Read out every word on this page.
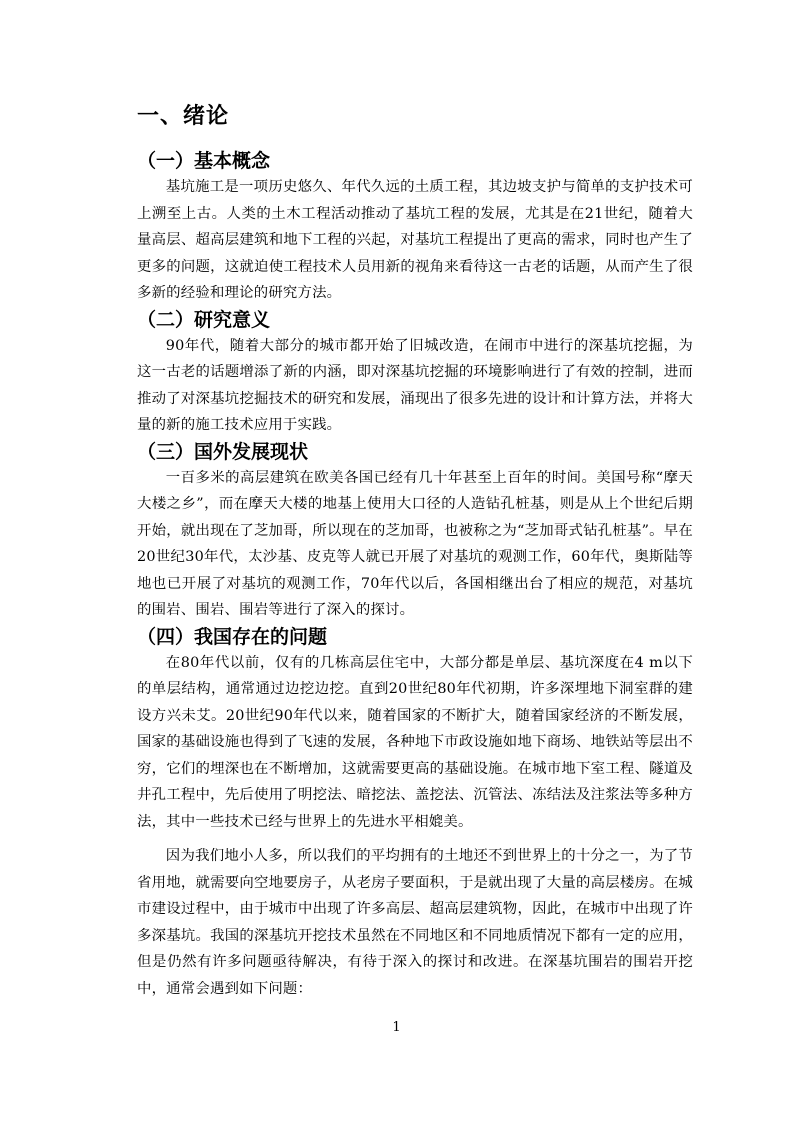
一、绪论
（一）基本概念

基坑施工是一项历史悠久、年代久远的土质工程，其边坡支护与简单的支护技术可上溯至上古。人类的土木工程活动推动了基坑工程的发展，尤其是在21世纪，随着大量高层、超高层建筑和地下工程的兴起，对基坑工程提出了更高的需求，同时也产生了更多的问题，这就迫使工程技术人员用新的视角来看待这一古老的话题，从而产生了很多新的经验和理论的研究方法。

（二）研究意义

90年代，随着大部分的城市都开始了旧城改造，在闹市中进行的深基坑挖掘，为这一古老的话题增添了新的内涵，即对深基坑挖掘的环境影响进行了有效的控制，进而推动了对深基坑挖掘技术的研究和发展，涌现出了很多先进的设计和计算方法，并将大量的新的施工技术应用于实践。

（三）国外发展现状

一百多米的高层建筑在欧美各国已经有几十年甚至上百年的时间。美国号称“摩天大楼之乡”，而在摩天大楼的地基上使用大口径的人造钻孔桩基，则是从上个世纪后期开始，就出现在了芝加哥，所以现在的芝加哥，也被称之为“芝加哥式钻孔桩基”。早在20世纪30年代，太沙基、皮克等人就已开展了对基坑的观测工作，60年代，奥斯陆等地也已开展了对基坑的观测工作，70年代以后，各国相继出台了相应的规范，对基坑的围岩、围岩、围岩等进行了深入的探讨。

（四）我国存在的问题

在80年代以前，仅有的几栋高层住宅中，大部分都是单层、基坑深度在4 m以下的单层结构，通常通过边挖边挖。直到20世纪80年代初期，许多深埋地下洞室群的建设方兴未艾。20世纪90年代以来，随着国家的不断扩大，随着国家经济的不断发展，国家的基础设施也得到了飞速的发展，各种地下市政设施如地下商场、地铁站等层出不穷，它们的埋深也在不断增加，这就需要更高的基础设施。在城市地下室工程、隧道及井孔工程中，先后使用了明挖法、暗挖法、盖挖法、沉管法、冻结法及注浆法等多种方法，其中一些技术已经与世界上的先进水平相媲美。

因为我们地小人多，所以我们的平均拥有的土地还不到世界上的十分之一，为了节省用地，就需要向空地要房子，从老房子要面积，于是就出现了大量的高层楼房。在城市建设过程中，由于城市中出现了许多高层、超高层建筑物，因此，在城市中出现了许多深基坑。我国的深基坑开挖技术虽然在不同地区和不同地质情况下都有一定的应用，但是仍然有许多问题亟待解决，有待于深入的探讨和改进。在深基坑围岩的围岩开挖中，通常会遇到如下问题：

1
